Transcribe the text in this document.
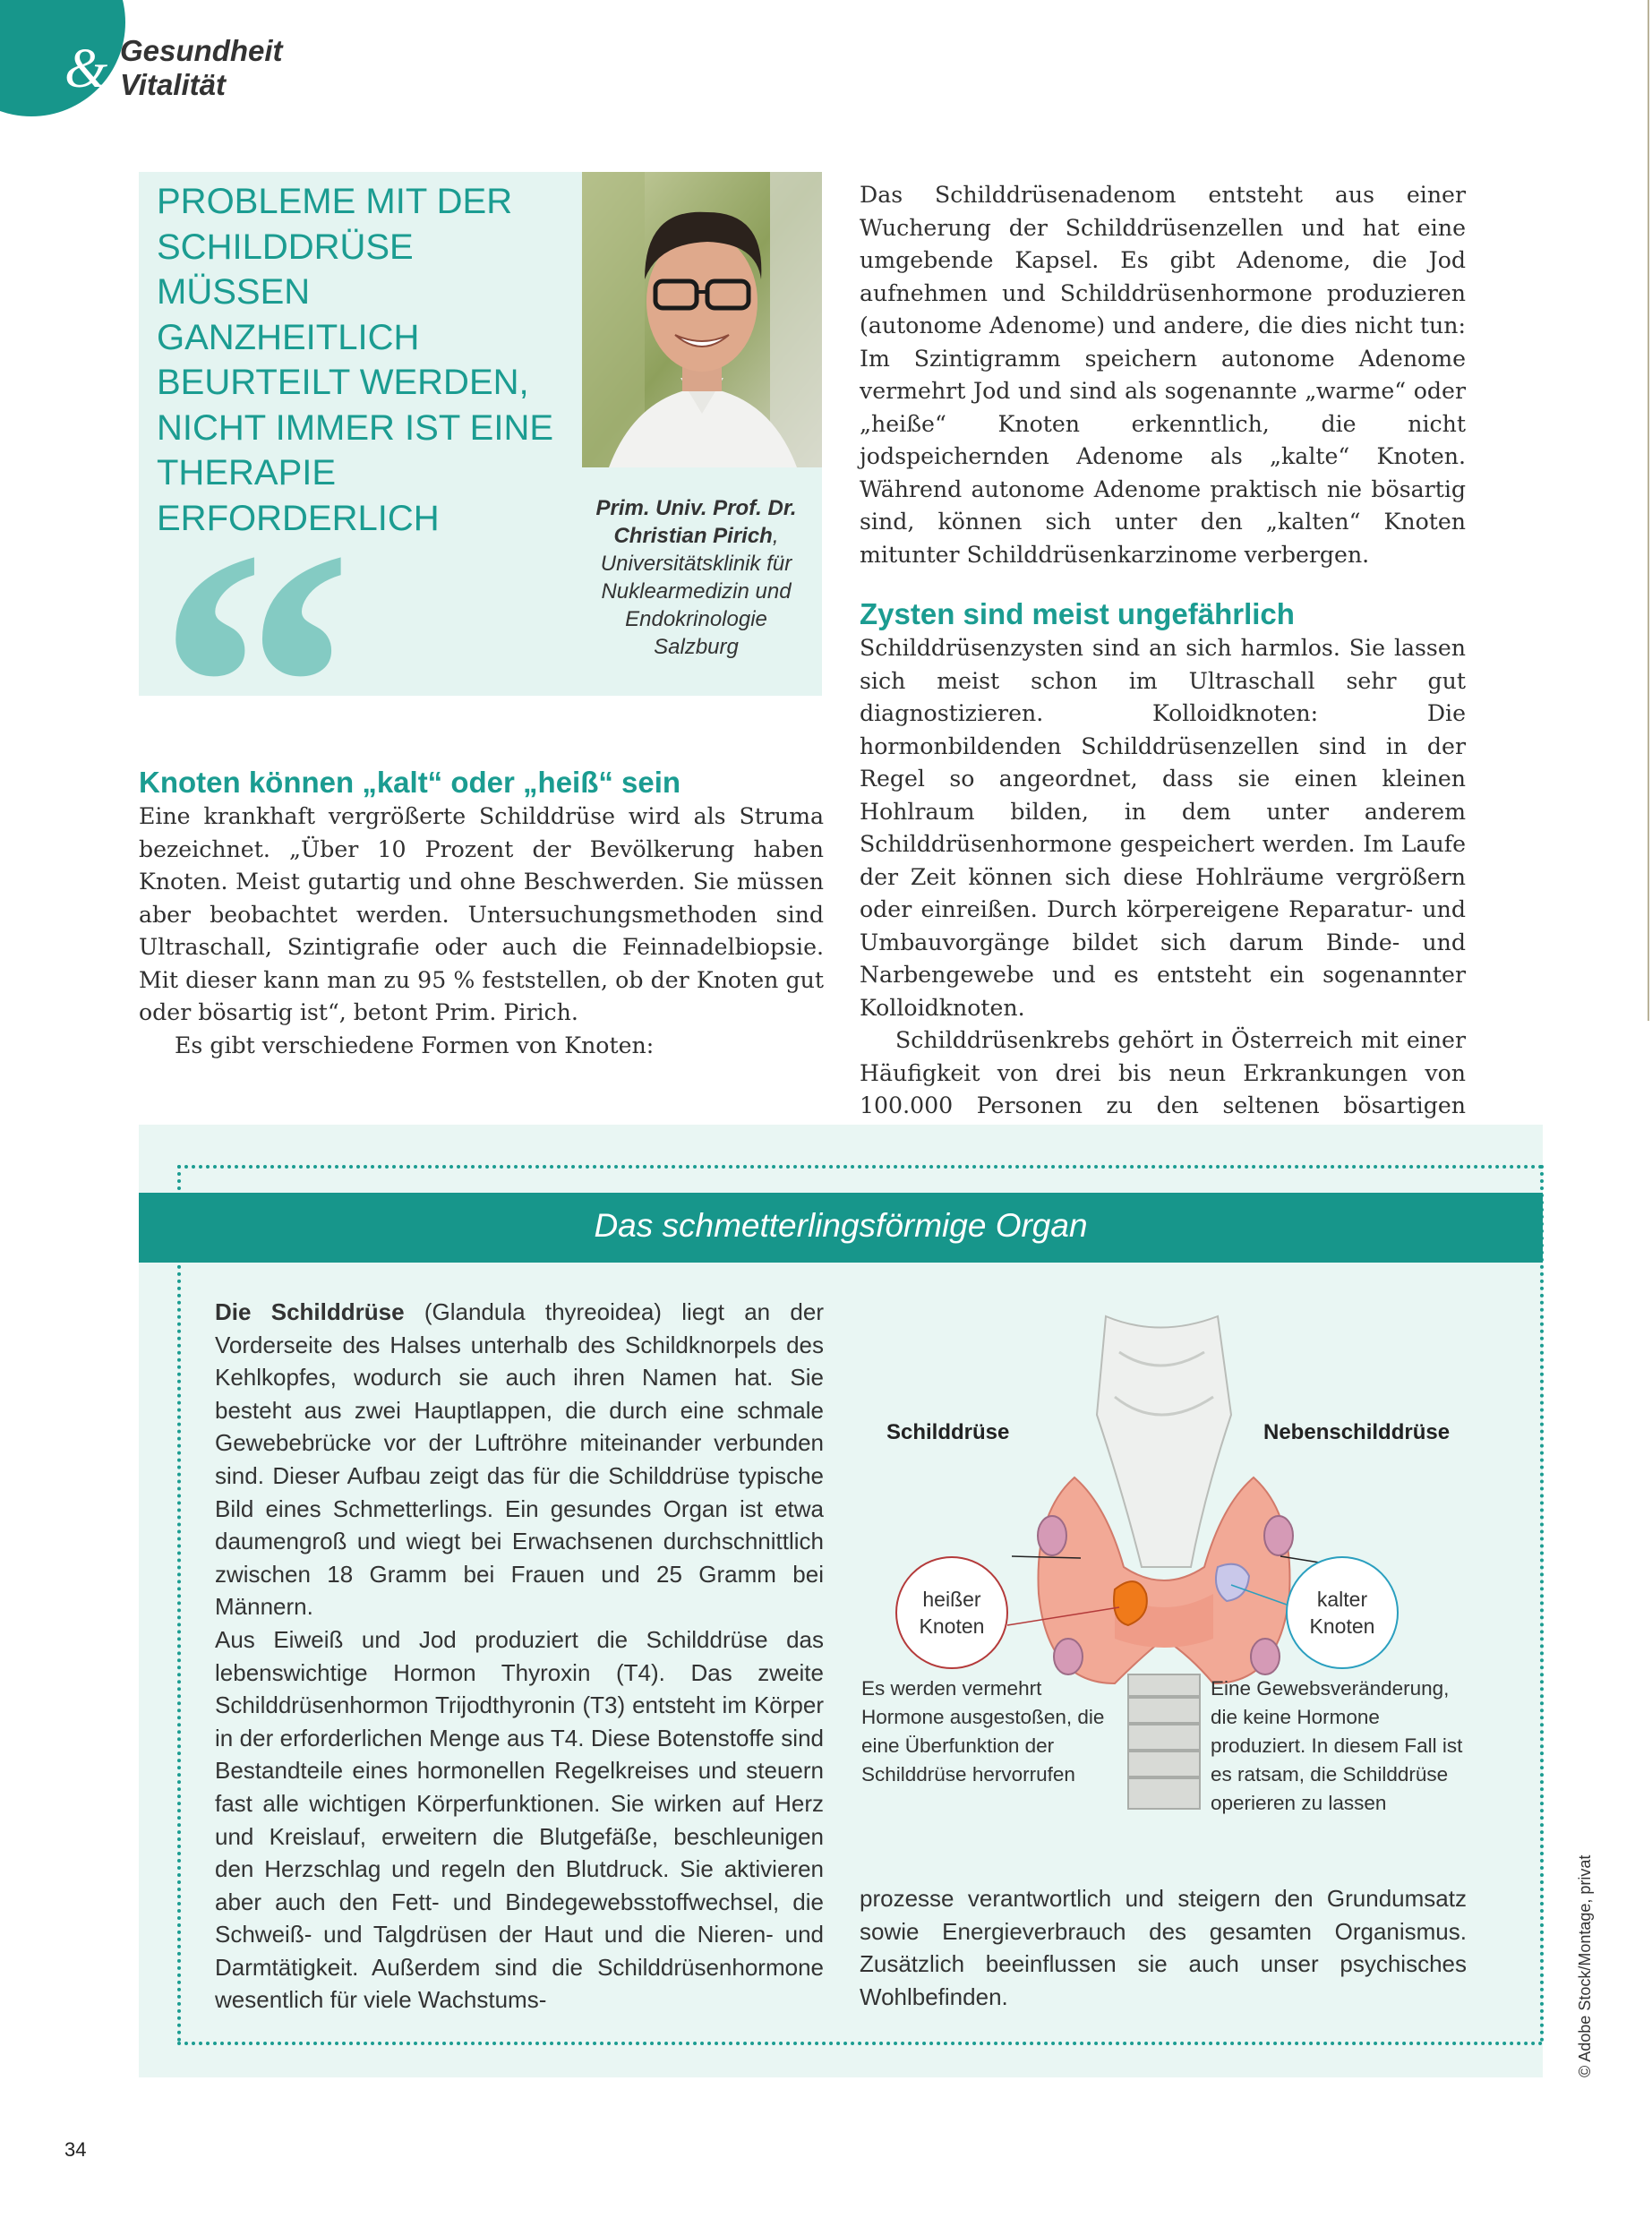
& Gesundheit
Vitalität
PROBLEME MIT DER SCHILDDRÜSE MÜSSEN GANZHEITLICH BEURTEILT WERDEN, NICHT IMMER IST EINE THERAPIE ERFORDERLICH	Prim. Univ. Prof. Dr.
Christian Pirich,
Universitätsklinik für
Nuklearmedizin und
Endokrinologie
Salzburg
Knoten können „kalt“ oder „heiß“ sein

Eine krankhaft vergrößerte Schilddrüse wird als Struma bezeichnet. „Über 10 Prozent der Bevölkerung haben Knoten. Meist gutartig und ohne Beschwerden. Sie müssen aber beobachtet werden. Untersuchungsmethoden sind Ultraschall, Szintigrafie oder auch die Feinnadelbiopsie. Mit dieser kann man zu 95 % feststellen, ob der Knoten gut oder bösartig ist“, betont Prim. Pirich.

Es gibt verschiedene Formen von Knoten:

Das Schilddrüsenadenom entsteht aus einer Wucherung der Schilddrüsenzellen und hat eine umgebende Kapsel. Es gibt Adenome, die Jod aufnehmen und Schilddrüsenhormone produzieren (autonome Adenome) und andere, die dies nicht tun: Im Szintigramm speichern autonome Adenome vermehrt Jod und sind als sogenannte „warme“ oder „heiße“ Knoten erkenntlich, die nicht jodspeichernden Adenome als „kalte“ Knoten. Während autonome Adenome praktisch nie bösartig sind, können sich unter den „kalten“ Knoten mitunter Schilddrüsenkarzinome verbergen.

Zysten sind meist ungefährlich

Schilddrüsenzysten sind an sich harmlos. Sie lassen sich meist schon im Ultraschall sehr gut diagnostizieren. Kolloidknoten: Die hormonbildenden Schilddrüsenzellen sind in der Regel so angeordnet, dass sie einen kleinen Hohlraum bilden, in dem unter anderem Schilddrüsenhormone gespeichert werden. Im Laufe der Zeit können sich diese Hohlräume vergrößern oder einreißen. Durch körpereigene Reparatur- und Umbauvorgänge bildet sich darum Binde- und Narbengewebe und es entsteht ein sogenannter Kolloidknoten.

Schilddrüsenkrebs gehört in Österreich mit einer Häufigkeit von drei bis neun Erkrankungen von 100.000 Personen zu den seltenen bösartigen

Das schmetterlingsförmige Organ
Die Schilddrüse (Glandula thyreoidea) liegt an der Vorderseite des Halses unterhalb des Schildknorpels des Kehlkopfes, wodurch sie auch ihren Namen hat. Sie besteht aus zwei Hauptlappen, die durch eine schmale Gewebebrücke vor der Luftröhre miteinander verbunden sind. Dieser Aufbau zeigt das für die Schilddrüse typische Bild eines Schmetterlings. Ein gesundes Organ ist etwa daumengroß und wiegt bei Erwachsenen durchschnittlich zwischen 18 Gramm bei Frauen und 25 Gramm bei Männern.
Aus Eiweiß und Jod produziert die Schilddrüse das lebenswichtige Hormon Thyroxin (T4). Das zweite Schilddrüsenhormon Trijodthyronin (T3) entsteht im Körper in der erforderlichen Menge aus T4. Diese Botenstoffe sind Bestandteile eines hormonellen Regelkreises und steuern fast alle wichtigen Körperfunktionen. Sie wirken auf Herz und Kreislauf, erweitern die Blutgefäße, beschleunigen den Herzschlag und regeln den Blutdruck. Sie aktivieren aber auch den Fett- und Bindegewebsstoffwechsel, die Schweiß- und Talgdrüsen der Haut und die Nieren- und Darmtätigkeit. Außerdem sind die Schilddrüsenhormone wesentlich für viele Wachstums-
prozesse verantwortlich und steigern den Grundumsatz sowie Energieverbrauch des gesamten Organismus. Zusätzlich beeinflussen sie auch unser psychisches Wohlbefinden.
Schilddrüse	Nebenschilddrüse
heißer
Knoten
kalter
Knoten
Es werden vermehrt Hormone ausgestoßen, die eine Überfunktion der Schilddrüse hervorrufen
Eine Gewebsveränderung, die keine Hormone produziert. In diesem Fall ist es ratsam, die Schilddrüse operieren zu lassen
© Adobe Stock/Montage, privat
34
